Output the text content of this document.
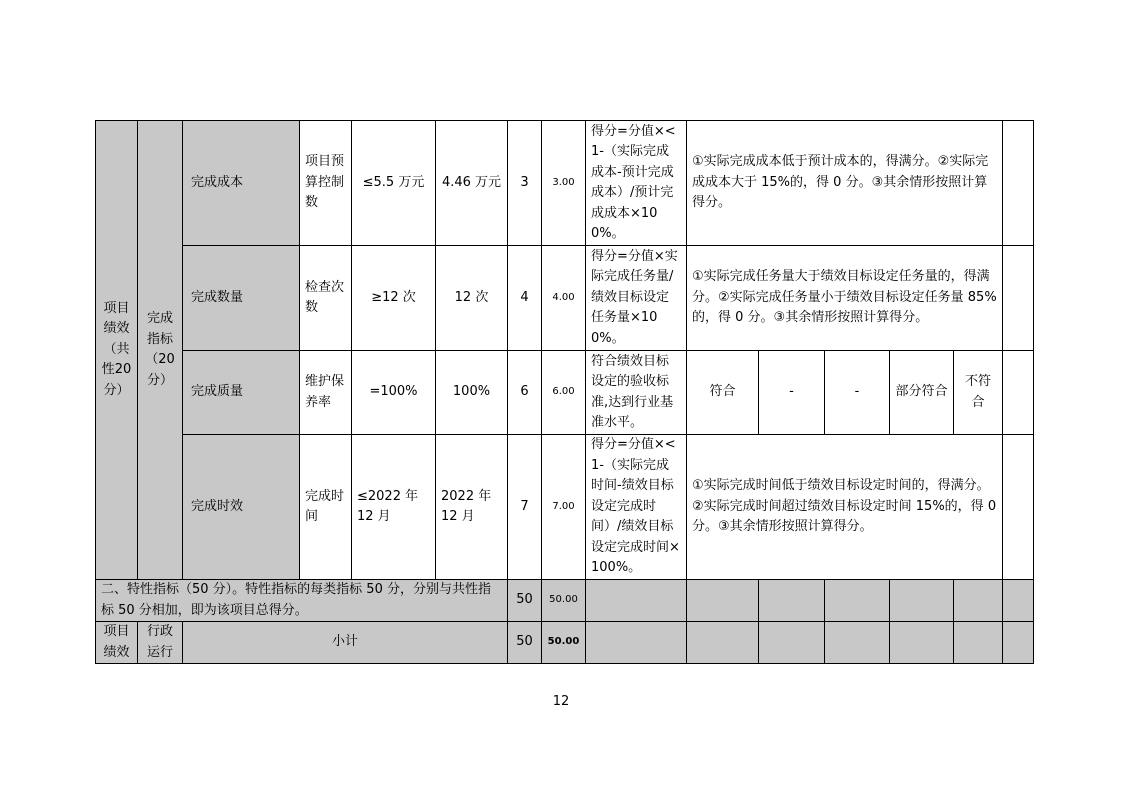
项目绩效（共性20分）	完成指标（20分）	完成成本	项目预算控制数	≤5.5 万元	4.46 万元	3	3.00	得分=分值×<1-（实际完成成本-预计完成成本）/预计完成成本×100%。	①实际完成成本低于预计成本的，得满分。②实际完成成本大于 15%的，得 0 分。③其余情形按照计算得分。					
		完成数量	检查次数	≥12 次	12 次	4	4.00	得分=分值×实际完成任务量/绩效目标设定任务量×100%。	①实际完成任务量大于绩效目标设定任务量的，得满分。②实际完成任务量小于绩效目标设定任务量 85%的，得 0 分。③其余情形按照计算得分。					
		完成质量	维护保养率	=100%	100%	6	6.00	符合绩效目标设定的验收标准,达到行业基准水平。	符合	-	-	部分符合	不符合	
		完成时效	完成时间	≤2022 年 12 月	2022 年 12 月	7	7.00	得分=分值×<1-（实际完成时间-绩效目标设定完成时间）/绩效目标设定完成时间×100%。	①实际完成时间低于绩效目标设定时间的，得满分。②实际完成时间超过绩效目标设定时间 15%的，得 0 分。③其余情形按照计算得分。					
二、特性指标（50 分）。特性指标的每类指标 50 分，分别与共性指标 50 分相加，即为该项目总得分。						50	50.00							
项目绩效	行政运行	小计				50	50.00							
12
